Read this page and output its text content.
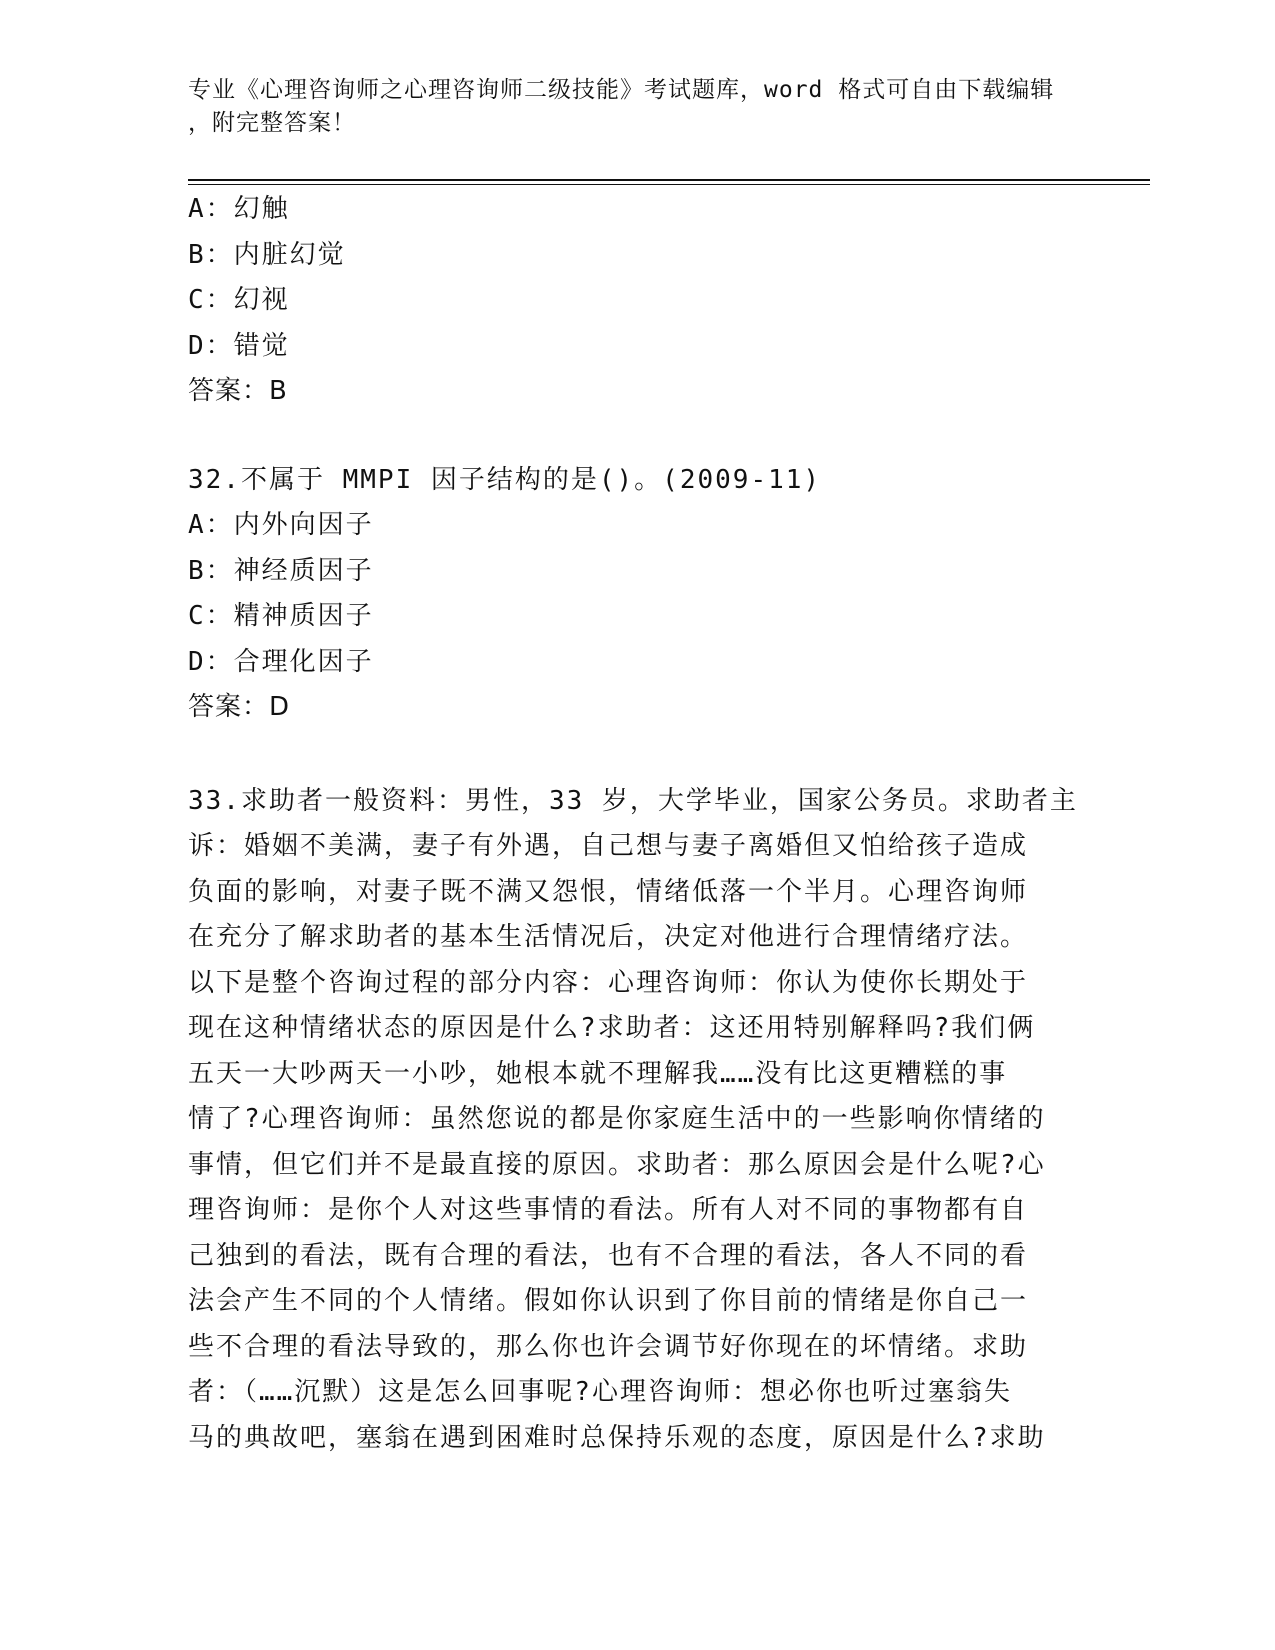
专业《心理咨询师之心理咨询师二级技能》考试题库，word 格式可自由下载编辑
，附完整答案！
A：幻触
B：内脏幻觉
C：幻视
D：错觉
答案：B
32.不属于 MMPI 因子结构的是()。(2009-11)
A：内外向因子
B：神经质因子
C：精神质因子
D：合理化因子
答案：D
33.求助者一般资料：男性，33 岁，大学毕业，国家公务员。求助者主
诉：婚姻不美满，妻子有外遇，自己想与妻子离婚但又怕给孩子造成
负面的影响，对妻子既不满又怨恨，情绪低落一个半月。心理咨询师
在充分了解求助者的基本生活情况后，决定对他进行合理情绪疗法。
以下是整个咨询过程的部分内容：心理咨询师：你认为使你长期处于
现在这种情绪状态的原因是什么?求助者：这还用特别解释吗?我们俩
五天一大吵两天一小吵，她根本就不理解我……没有比这更糟糕的事
情了?心理咨询师：虽然您说的都是你家庭生活中的一些影响你情绪的
事情，但它们并不是最直接的原因。求助者：那么原因会是什么呢?心
理咨询师：是你个人对这些事情的看法。所有人对不同的事物都有自
己独到的看法，既有合理的看法，也有不合理的看法，各人不同的看
法会产生不同的个人情绪。假如你认识到了你目前的情绪是你自己一
些不合理的看法导致的，那么你也许会调节好你现在的坏情绪。求助
者：（……沉默）这是怎么回事呢?心理咨询师：想必你也听过塞翁失
马的典故吧，塞翁在遇到困难时总保持乐观的态度，原因是什么?求助
